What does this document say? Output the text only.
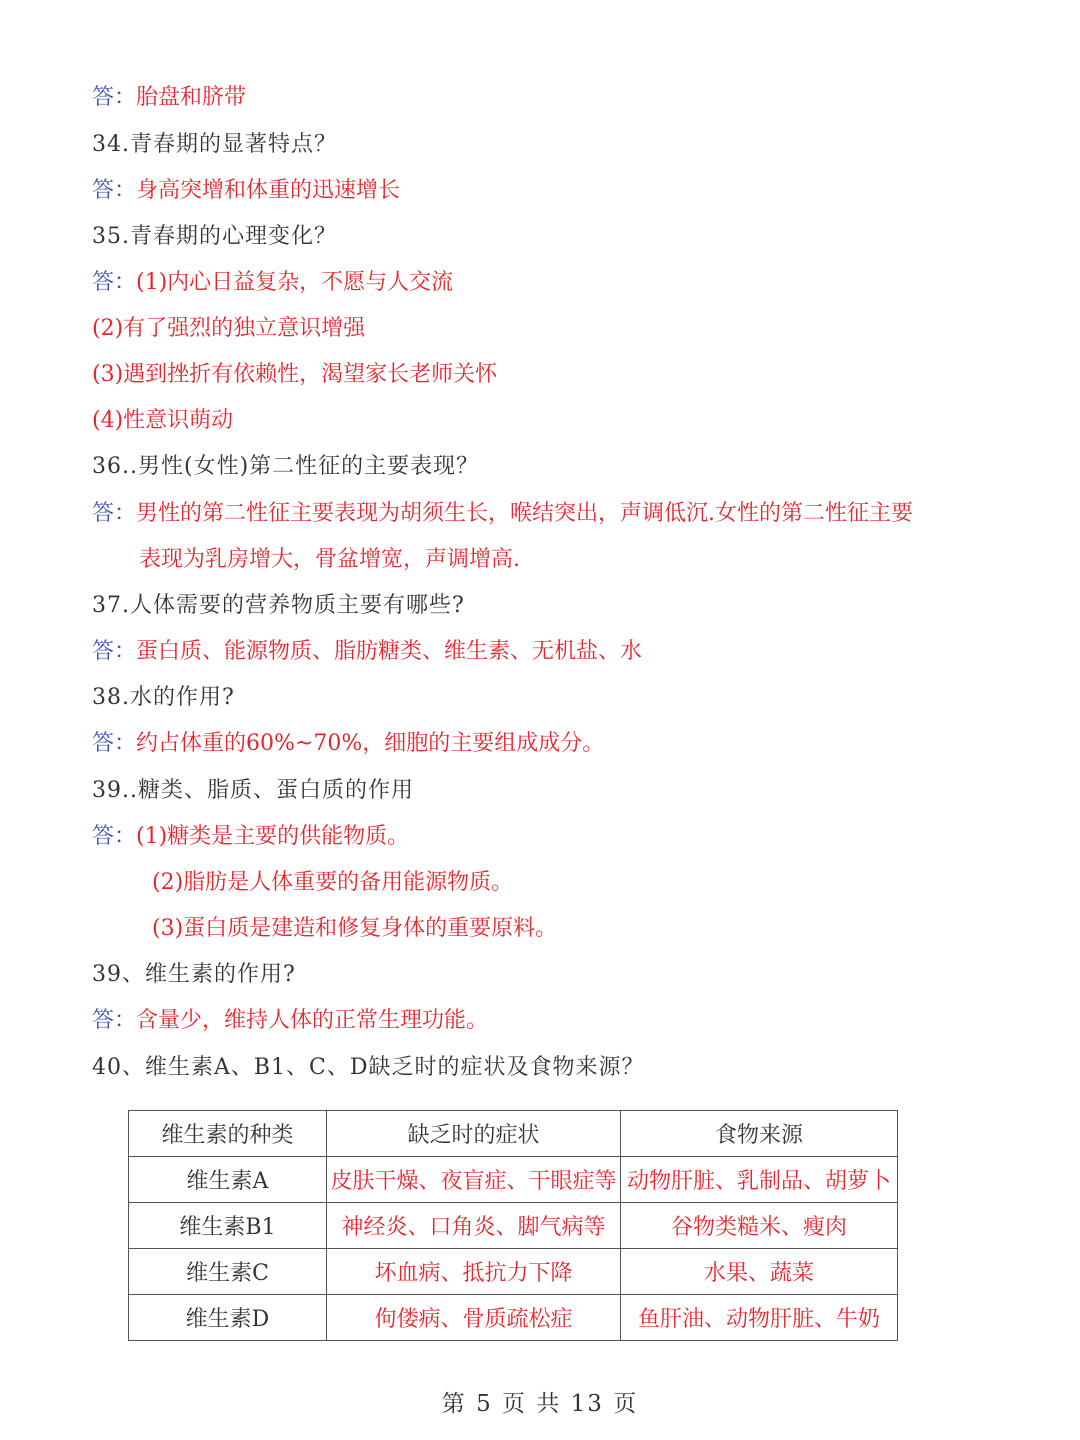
答：胎盘和脐带
34.青春期的显著特点？
答：身高突增和体重的迅速增长
35.青春期的心理变化？
答：(1)内心日益复杂，不愿与人交流
(2)有了强烈的独立意识增强
(3)遇到挫折有依赖性，渴望家长老师关怀
(4)性意识萌动
36..男性(女性)第二性征的主要表现？
答：男性的第二性征主要表现为胡须生长，喉结突出，声调低沉.女性的第二性征主要
表现为乳房增大，骨盆增宽，声调增高.
37.人体需要的营养物质主要有哪些?
答：蛋白质、能源物质、脂肪糖类、维生素、无机盐、水
38.水的作用?
答：约占体重的60%~70%，细胞的主要组成成分。
39..糖类、脂质、蛋白质的作用
答：(1)糖类是主要的供能物质。
(2)脂肪是人体重要的备用能源物质。
(3)蛋白质是建造和修复身体的重要原料。
39、维生素的作用?
答：含量少，维持人体的正常生理功能。
40、维生素A、B1、C、D缺乏时的症状及食物来源？
维生素的种类	缺乏时的症状	食物来源
维生素A	皮肤干燥、夜盲症、干眼症等	动物肝脏、乳制品、胡萝卜
维生素B1	神经炎、口角炎、脚气病等	谷物类糙米、瘦肉
维生素C	坏血病、抵抗力下降	水果、蔬菜
维生素D	佝偻病、骨质疏松症	鱼肝油、动物肝脏、牛奶
第 5 页 共 13 页
